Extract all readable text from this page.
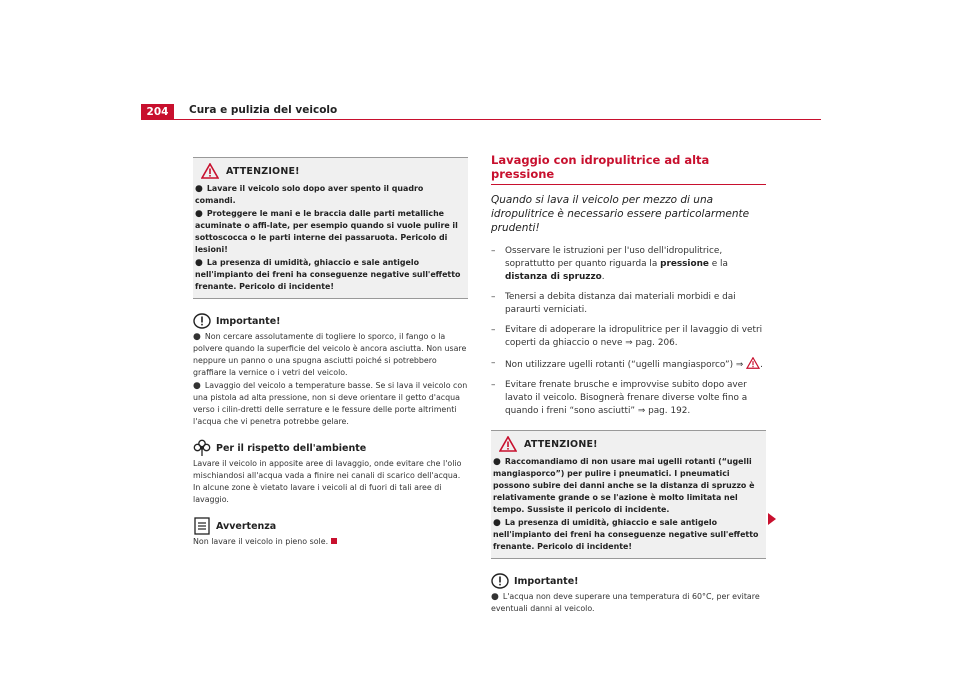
204	Cura e pulizia del veicolo
ATTENZIONE!
● Lavare il veicolo solo dopo aver spento il quadro comandi.
● Proteggere le mani e le braccia dalle parti metalliche acuminate o affi-late, per esempio quando si vuole pulire il sottoscocca o le parti interne dei passaruota. Pericolo di lesioni!
● La presenza di umidità, ghiaccio e sale antigelo nell'impianto dei freni ha conseguenze negative sull'effetto frenante. Pericolo di incidente!
Importante!
● Non cercare assolutamente di togliere lo sporco, il fango o la polvere quando la superficie del veicolo è ancora asciutta. Non usare neppure un panno o una spugna asciutti poiché si potrebbero graffiare la vernice o i vetri del veicolo.
● Lavaggio del veicolo a temperature basse. Se si lava il veicolo con una pistola ad alta pressione, non si deve orientare il getto d'acqua verso i cilin-dretti delle serrature e le fessure delle porte altrimenti l'acqua che vi penetra potrebbe gelare.
Per il rispetto dell'ambiente
Lavare il veicolo in apposite aree di lavaggio, onde evitare che l'olio mischiandosi all'acqua vada a finire nei canali di scarico dell'acqua. In alcune zone è vietato lavare i veicoli al di fuori di tali aree di lavaggio.
Avvertenza
Non lavare il veicolo in pieno sole.
Lavaggio con idropulitrice ad alta pressione
Quando si lava il veicolo per mezzo di una idropulitrice è necessario essere particolarmente prudenti!
–	Osservare le istruzioni per l'uso dell'idropulitrice, soprattutto per quanto riguarda la pressione e la distanza di spruzzo.
–	Tenersi a debita distanza dai materiali morbidi e dai paraurti verniciati.
–	Evitare di adoperare la idropulitrice per il lavaggio di vetri coperti da ghiaccio o neve ⇒ pag. 206.
–	Non utilizzare ugelli rotanti (“ugelli mangiasporco”) ⇒ .
–	Evitare frenate brusche e improvvise subito dopo aver lavato il veicolo. Bisognerà frenare diverse volte fino a quando i freni “sono asciutti” ⇒ pag. 192.
ATTENZIONE!
● Raccomandiamo di non usare mai ugelli rotanti (“ugelli mangiasporco”) per pulire i pneumatici. I pneumatici possono subire dei danni anche se la distanza di spruzzo è relativamente grande o se l'azione è molto limitata nel tempo. Sussiste il pericolo di incidente.
● La presenza di umidità, ghiaccio e sale antigelo nell'impianto dei freni ha conseguenze negative sull'effetto frenante. Pericolo di incidente!
Importante!
● L'acqua non deve superare una temperatura di 60°C, per evitare eventuali danni al veicolo.
